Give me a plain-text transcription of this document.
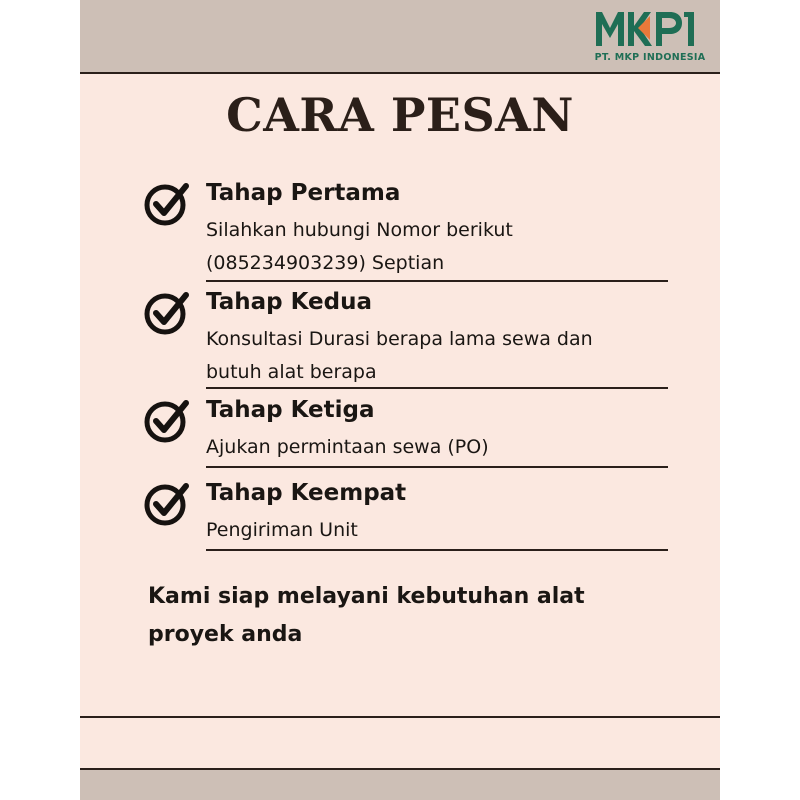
PT. MKP INDONESIA
CARA PESAN
Tahap Pertama
Silahkan hubungi Nomor berikut
(085234903239) Septian
Tahap Kedua
Konsultasi Durasi berapa lama sewa dan
butuh alat berapa
Tahap Ketiga
Ajukan permintaan sewa (PO)
Tahap Keempat
Pengiriman Unit
Kami siap melayani kebutuhan alat
proyek anda
